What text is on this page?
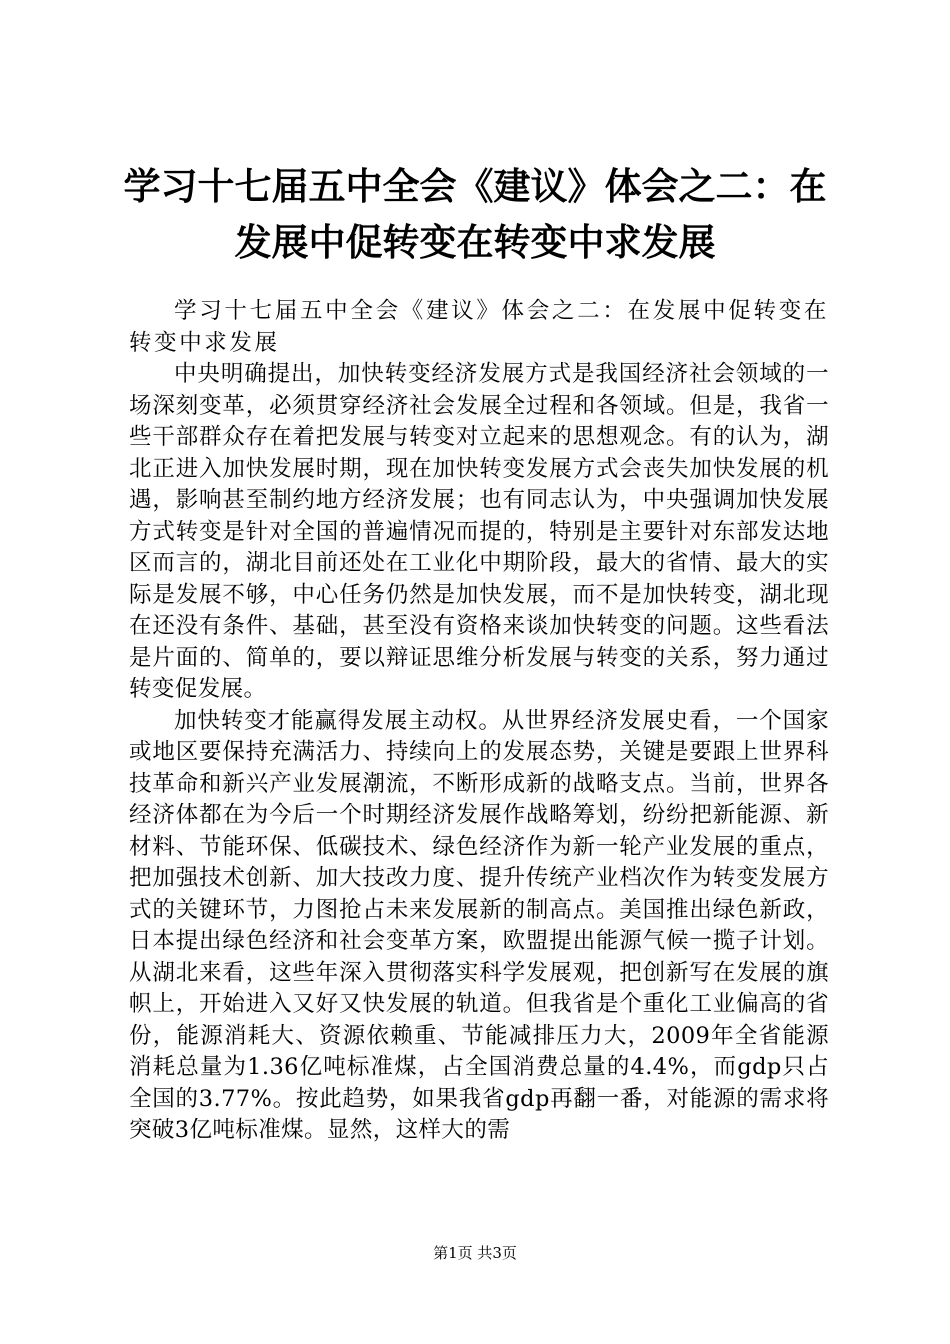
学习十七届五中全会《建议》体会之二：在发展中促转变在转变中求发展

学习十七届五中全会《建议》体会之二：在发展中促转变在转变中求发展

中央明确提出，加快转变经济发展方式是我国经济社会领域的一场深刻变革，必须贯穿经济社会发展全过程和各领域。但是，我省一些干部群众存在着把发展与转变对立起来的思想观念。有的认为，湖北正进入加快发展时期，现在加快转变发展方式会丧失加快发展的机遇，影响甚至制约地方经济发展；也有同志认为，中央强调加快发展方式转变是针对全国的普遍情况而提的，特别是主要针对东部发达地区而言的，湖北目前还处在工业化中期阶段，最大的省情、最大的实际是发展不够，中心任务仍然是加快发展，而不是加快转变，湖北现在还没有条件、基础，甚至没有资格来谈加快转变的问题。这些看法是片面的、简单的，要以辩证思维分析发展与转变的关系，努力通过转变促发展。

加快转变才能赢得发展主动权。从世界经济发展史看，一个国家或地区要保持充满活力、持续向上的发展态势，关键是要跟上世界科技革命和新兴产业发展潮流，不断形成新的战略支点。当前，世界各经济体都在为今后一个时期经济发展作战略筹划，纷纷把新能源、新材料、节能环保、低碳技术、绿色经济作为新一轮产业发展的重点，把加强技术创新、加大技改力度、提升传统产业档次作为转变发展方式的关键环节，力图抢占未来发展新的制高点。美国推出绿色新政，日本提出绿色经济和社会变革方案，欧盟提出能源气候一揽子计划。从湖北来看，这些年深入贯彻落实科学发展观，把创新写在发展的旗帜上，开始进入又好又快发展的轨道。但我省是个重化工业偏高的省份，能源消耗大、资源依赖重、节能减排压力大，2009年全省能源消耗总量为1.36亿吨标准煤，占全国消费总量的4.4%，而gdp只占全国的3.77%。按此趋势，如果我省gdp再翻一番，对能源的需求将突破3亿吨标准煤。显然，这样大的需

第1页 共3页
